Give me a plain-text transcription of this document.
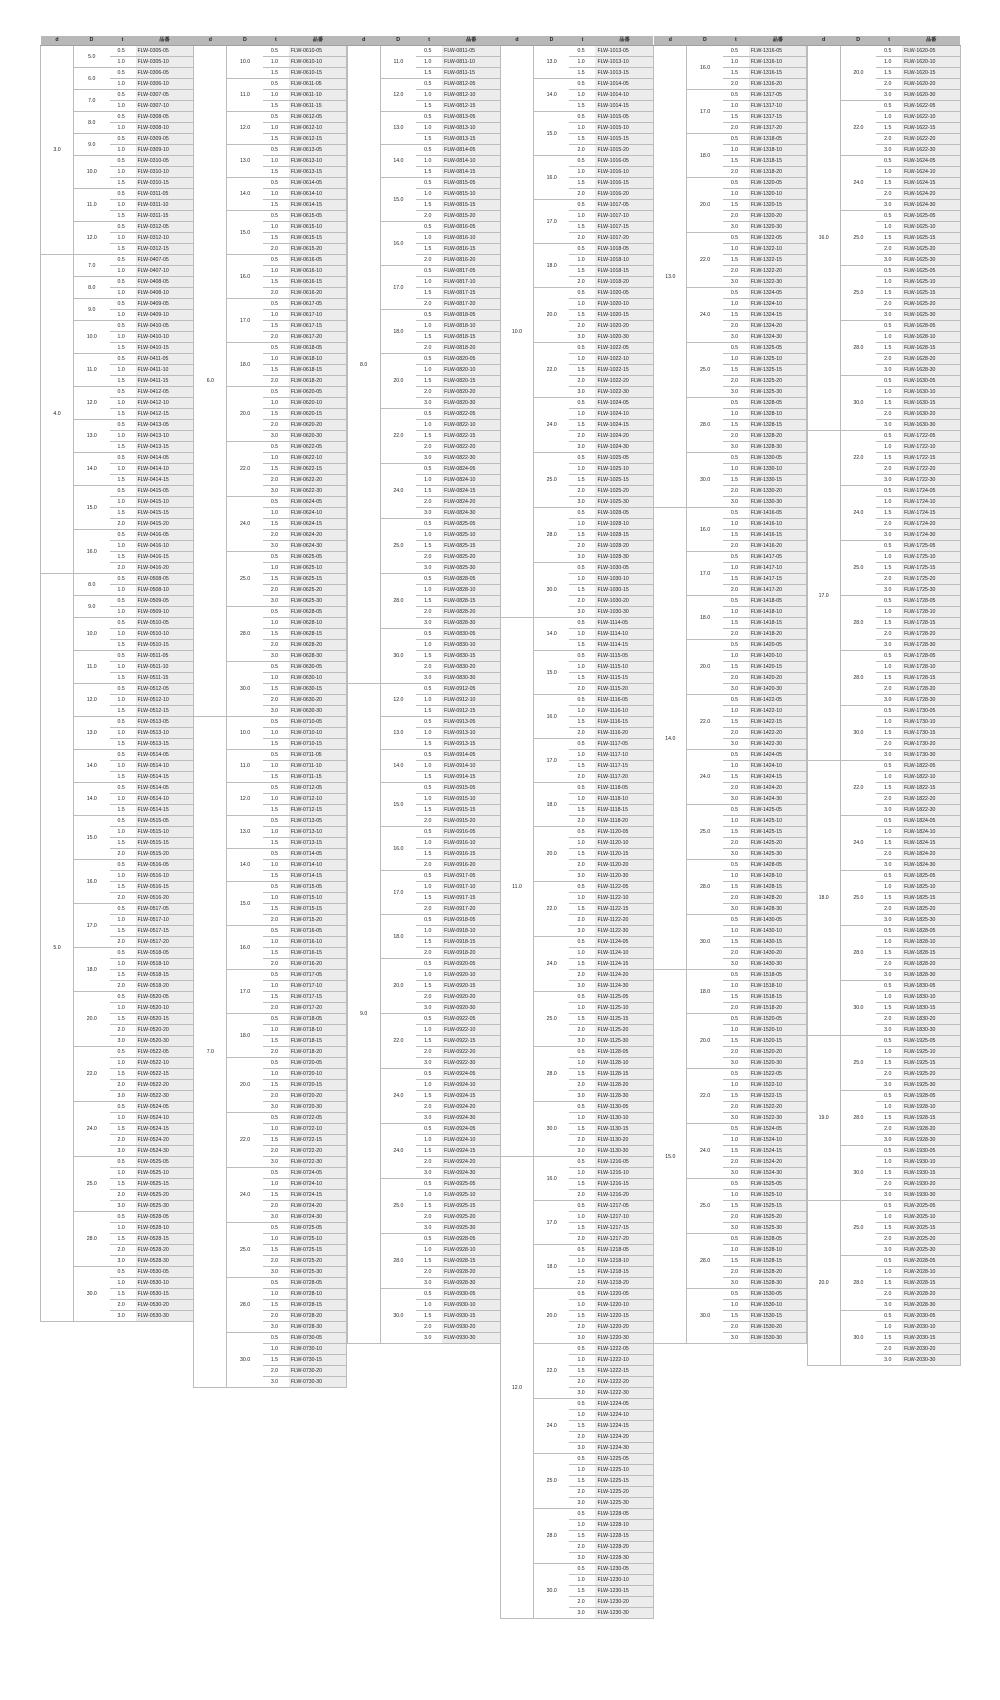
d	D	t	品番
3.0	5.0	0.5	FLW-0305-05
		1.0	FLW-0305-10
	6.0	0.5	FLW-0306-05
		1.0	FLW-0306-10
	7.0	0.5	FLW-0307-05
		1.0	FLW-0307-10
	8.0	0.5	FLW-0308-05
		1.0	FLW-0308-10
	9.0	0.5	FLW-0309-05
		1.0	FLW-0309-10
	10.0	0.5	FLW-0310-05
		1.0	FLW-0310-10
		1.5	FLW-0310-15
	11.0	0.5	FLW-0311-05
		1.0	FLW-0311-10
		1.5	FLW-0311-15
	12.0	0.5	FLW-0312-05
		1.0	FLW-0312-10
		1.5	FLW-0312-15
4.0	7.0	0.5	FLW-0407-05
		1.0	FLW-0407-10
	8.0	0.5	FLW-0408-05
		1.0	FLW-0408-10
	9.0	0.5	FLW-0409-05
		1.0	FLW-0409-10
	10.0	0.5	FLW-0410-05
		1.0	FLW-0410-10
		1.5	FLW-0410-15
	11.0	0.5	FLW-0411-05
		1.0	FLW-0411-10
		1.5	FLW-0411-15
	12.0	0.5	FLW-0412-05
		1.0	FLW-0412-10
		1.5	FLW-0412-15
	13.0	0.5	FLW-0413-05
		1.0	FLW-0413-10
		1.5	FLW-0413-15
	14.0	0.5	FLW-0414-05
		1.0	FLW-0414-10
		1.5	FLW-0414-15
	15.0	0.5	FLW-0415-05
		1.0	FLW-0415-10
		1.5	FLW-0415-15
		2.0	FLW-0415-20
	16.0	0.5	FLW-0416-05
		1.0	FLW-0416-10
		1.5	FLW-0416-15
		2.0	FLW-0416-20
5.0	8.0	0.5	FLW-0508-05
		1.0	FLW-0508-10
	9.0	0.5	FLW-0509-05
		1.0	FLW-0509-10
	10.0	0.5	FLW-0510-05
		1.0	FLW-0510-10
		1.5	FLW-0510-15
	11.0	0.5	FLW-0511-05
		1.0	FLW-0511-10
		1.5	FLW-0511-15
	12.0	0.5	FLW-0512-05
		1.0	FLW-0512-10
		1.5	FLW-0512-15
	13.0	0.5	FLW-0513-05
		1.0	FLW-0513-10
		1.5	FLW-0513-15
	14.0	0.5	FLW-0514-05
		1.0	FLW-0514-10
		1.5	FLW-0514-15
	14.0	0.5	FLW-0514-05
		1.0	FLW-0514-10
		1.5	FLW-0514-15
	15.0	0.5	FLW-0515-05
		1.0	FLW-0515-10
		1.5	FLW-0515-15
		2.0	FLW-0515-20
	16.0	0.5	FLW-0516-05
		1.0	FLW-0516-10
		1.5	FLW-0516-15
		2.0	FLW-0516-20
	17.0	0.5	FLW-0517-05
		1.0	FLW-0517-10
		1.5	FLW-0517-15
		2.0	FLW-0517-20
	18.0	0.5	FLW-0518-05
		1.0	FLW-0518-10
		1.5	FLW-0518-15
		2.0	FLW-0518-20
	20.0	0.5	FLW-0520-05
		1.0	FLW-0520-10
		1.5	FLW-0520-15
		2.0	FLW-0520-20
		3.0	FLW-0520-30
	22.0	0.5	FLW-0522-05
		1.0	FLW-0522-10
		1.5	FLW-0522-15
		2.0	FLW-0522-20
		3.0	FLW-0522-30
	24.0	0.5	FLW-0524-05
		1.0	FLW-0524-10
		1.5	FLW-0524-15
		2.0	FLW-0524-20
		3.0	FLW-0524-30
	25.0	0.5	FLW-0525-05
		1.0	FLW-0525-10
		1.5	FLW-0525-15
		2.0	FLW-0525-20
		3.0	FLW-0525-30
	28.0	0.5	FLW-0528-05
		1.0	FLW-0528-10
		1.5	FLW-0528-15
		2.0	FLW-0528-20
		3.0	FLW-0528-30
	30.0	0.5	FLW-0530-05
		1.0	FLW-0530-10
		1.5	FLW-0530-15
		2.0	FLW-0530-20
		3.0	FLW-0530-30
d	D	t	品番
6.0	10.0	0.5	FLW-0610-05
		1.0	FLW-0610-10
		1.5	FLW-0610-15
	11.0	0.5	FLW-0611-05
		1.0	FLW-0611-10
		1.5	FLW-0611-15
	12.0	0.5	FLW-0612-05
		1.0	FLW-0612-10
		1.5	FLW-0612-15
	13.0	0.5	FLW-0613-05
		1.0	FLW-0613-10
		1.5	FLW-0613-15
	14.0	0.5	FLW-0614-05
		1.0	FLW-0614-10
		1.5	FLW-0614-15
	15.0	0.5	FLW-0615-05
		1.0	FLW-0615-10
		1.5	FLW-0615-15
		2.0	FLW-0615-20
	16.0	0.5	FLW-0616-05
		1.0	FLW-0616-10
		1.5	FLW-0616-15
		2.0	FLW-0616-20
	17.0	0.5	FLW-0617-05
		1.0	FLW-0617-10
		1.5	FLW-0617-15
		2.0	FLW-0617-20
	18.0	0.5	FLW-0618-05
		1.0	FLW-0618-10
		1.5	FLW-0618-15
		2.0	FLW-0618-20
	20.0	0.5	FLW-0620-05
		1.0	FLW-0620-10
		1.5	FLW-0620-15
		2.0	FLW-0620-20
		3.0	FLW-0620-30
	22.0	0.5	FLW-0622-05
		1.0	FLW-0622-10
		1.5	FLW-0622-15
		2.0	FLW-0622-20
		3.0	FLW-0622-30
	24.0	0.5	FLW-0624-05
		1.0	FLW-0624-10
		1.5	FLW-0624-15
		2.0	FLW-0624-20
		3.0	FLW-0624-30
	25.0	0.5	FLW-0625-05
		1.0	FLW-0625-10
		1.5	FLW-0625-15
		2.0	FLW-0625-20
		3.0	FLW-0625-30
	28.0	0.5	FLW-0628-05
		1.0	FLW-0628-10
		1.5	FLW-0628-15
		2.0	FLW-0628-20
		3.0	FLW-0628-30
	30.0	0.5	FLW-0630-05
		1.0	FLW-0630-10
		1.5	FLW-0630-15
		2.0	FLW-0630-20
		3.0	FLW-0630-30
7.0	10.0	0.5	FLW-0710-05
		1.0	FLW-0710-10
		1.5	FLW-0710-15
	11.0	0.5	FLW-0711-05
		1.0	FLW-0711-10
		1.5	FLW-0711-15
	12.0	0.5	FLW-0712-05
		1.0	FLW-0712-10
		1.5	FLW-0712-15
	13.0	0.5	FLW-0713-05
		1.0	FLW-0713-10
		1.5	FLW-0713-15
	14.0	0.5	FLW-0714-05
		1.0	FLW-0714-10
		1.5	FLW-0714-15
	15.0	0.5	FLW-0715-05
		1.0	FLW-0715-10
		1.5	FLW-0715-15
		2.0	FLW-0715-20
	16.0	0.5	FLW-0716-05
		1.0	FLW-0716-10
		1.5	FLW-0716-15
		2.0	FLW-0716-20
	17.0	0.5	FLW-0717-05
		1.0	FLW-0717-10
		1.5	FLW-0717-15
		2.0	FLW-0717-20
	18.0	0.5	FLW-0718-05
		1.0	FLW-0718-10
		1.5	FLW-0718-15
		2.0	FLW-0718-20
	20.0	0.5	FLW-0720-05
		1.0	FLW-0720-10
		1.5	FLW-0720-15
		2.0	FLW-0720-20
		3.0	FLW-0720-30
	22.0	0.5	FLW-0722-05
		1.0	FLW-0722-10
		1.5	FLW-0722-15
		2.0	FLW-0722-20
		3.0	FLW-0722-30
	24.0	0.5	FLW-0724-05
		1.0	FLW-0724-10
		1.5	FLW-0724-15
		2.0	FLW-0724-20
		3.0	FLW-0724-30
	25.0	0.5	FLW-0725-05
		1.0	FLW-0725-10
		1.5	FLW-0725-15
		2.0	FLW-0725-20
		3.0	FLW-0725-30
	28.0	0.5	FLW-0728-05
		1.0	FLW-0728-10
		1.5	FLW-0728-15
		2.0	FLW-0728-20
		3.0	FLW-0728-30
	30.0	0.5	FLW-0730-05
		1.0	FLW-0730-10
		1.5	FLW-0730-15
		2.0	FLW-0730-20
		3.0	FLW-0730-30
d	D	t	品番
8.0	11.0	0.5	FLW-0811-05
		1.0	FLW-0811-10
		1.5	FLW-0811-15
	12.0	0.5	FLW-0812-05
		1.0	FLW-0812-10
		1.5	FLW-0812-15
	13.0	0.5	FLW-0813-05
		1.0	FLW-0813-10
		1.5	FLW-0813-15
	14.0	0.5	FLW-0814-05
		1.0	FLW-0814-10
		1.5	FLW-0814-15
	15.0	0.5	FLW-0815-05
		1.0	FLW-0815-10
		1.5	FLW-0815-15
		2.0	FLW-0815-20
	16.0	0.5	FLW-0816-05
		1.0	FLW-0816-10
		1.5	FLW-0816-15
		2.0	FLW-0816-20
	17.0	0.5	FLW-0817-05
		1.0	FLW-0817-10
		1.5	FLW-0817-15
		2.0	FLW-0817-20
	18.0	0.5	FLW-0818-05
		1.0	FLW-0818-10
		1.5	FLW-0818-15
		2.0	FLW-0818-20
	20.0	0.5	FLW-0820-05
		1.0	FLW-0820-10
		1.5	FLW-0820-15
		2.0	FLW-0820-20
		3.0	FLW-0820-30
	22.0	0.5	FLW-0822-05
		1.0	FLW-0822-10
		1.5	FLW-0822-15
		2.0	FLW-0822-20
		3.0	FLW-0822-30
	24.0	0.5	FLW-0824-05
		1.0	FLW-0824-10
		1.5	FLW-0824-15
		2.0	FLW-0824-20
		3.0	FLW-0824-30
	25.0	0.5	FLW-0825-05
		1.0	FLW-0825-10
		1.5	FLW-0825-15
		2.0	FLW-0825-20
		3.0	FLW-0825-30
	28.0	0.5	FLW-0828-05
		1.0	FLW-0828-10
		1.5	FLW-0828-15
		2.0	FLW-0828-20
		3.0	FLW-0828-30
	30.0	0.5	FLW-0830-05
		1.0	FLW-0830-10
		1.5	FLW-0830-15
		2.0	FLW-0830-20
		3.0	FLW-0830-30
9.0	12.0	0.5	FLW-0912-05
		1.0	FLW-0912-10
		1.5	FLW-0912-15
	13.0	0.5	FLW-0913-05
		1.0	FLW-0913-10
		1.5	FLW-0913-15
	14.0	0.5	FLW-0914-05
		1.0	FLW-0914-10
		1.5	FLW-0914-15
	15.0	0.5	FLW-0915-05
		1.0	FLW-0915-10
		1.5	FLW-0915-15
		2.0	FLW-0915-20
	16.0	0.5	FLW-0916-05
		1.0	FLW-0916-10
		1.5	FLW-0916-15
		2.0	FLW-0916-20
	17.0	0.5	FLW-0917-05
		1.0	FLW-0917-10
		1.5	FLW-0917-15
		2.0	FLW-0917-20
	18.0	0.5	FLW-0918-05
		1.0	FLW-0918-10
		1.5	FLW-0918-15
		2.0	FLW-0918-20
	20.0	0.5	FLW-0920-05
		1.0	FLW-0920-10
		1.5	FLW-0920-15
		2.0	FLW-0920-20
		3.0	FLW-0920-30
	22.0	0.5	FLW-0922-05
		1.0	FLW-0922-10
		1.5	FLW-0922-15
		2.0	FLW-0922-20
		3.0	FLW-0922-30
	24.0	0.5	FLW-0924-05
		1.0	FLW-0924-10
		1.5	FLW-0924-15
		2.0	FLW-0924-20
		3.0	FLW-0924-30
	24.0	0.5	FLW-0924-05
		1.0	FLW-0924-10
		1.5	FLW-0924-15
		2.0	FLW-0924-20
		3.0	FLW-0924-30
	25.0	0.5	FLW-0925-05
		1.0	FLW-0925-10
		1.5	FLW-0925-15
		2.0	FLW-0925-20
		3.0	FLW-0925-30
	28.0	0.5	FLW-0928-05
		1.0	FLW-0928-10
		1.5	FLW-0928-15
		2.0	FLW-0928-20
		3.0	FLW-0928-30
	30.0	0.5	FLW-0930-05
		1.0	FLW-0930-10
		1.5	FLW-0930-15
		2.0	FLW-0930-20
		3.0	FLW-0930-30
d	D	t	品番
10.0	13.0	0.5	FLW-1013-05
		1.0	FLW-1013-10
		1.5	FLW-1013-15
	14.0	0.5	FLW-1014-05
		1.0	FLW-1014-10
		1.5	FLW-1014-15
	15.0	0.5	FLW-1015-05
		1.0	FLW-1015-10
		1.5	FLW-1015-15
		2.0	FLW-1015-20
	16.0	0.5	FLW-1016-05
		1.0	FLW-1016-10
		1.5	FLW-1016-15
		2.0	FLW-1016-20
	17.0	0.5	FLW-1017-05
		1.0	FLW-1017-10
		1.5	FLW-1017-15
		2.0	FLW-1017-20
	18.0	0.5	FLW-1018-05
		1.0	FLW-1018-10
		1.5	FLW-1018-15
		2.0	FLW-1018-20
	20.0	0.5	FLW-1020-05
		1.0	FLW-1020-10
		1.5	FLW-1020-15
		2.0	FLW-1020-20
		3.0	FLW-1020-30
	22.0	0.5	FLW-1022-05
		1.0	FLW-1022-10
		1.5	FLW-1022-15
		2.0	FLW-1022-20
		3.0	FLW-1022-30
	24.0	0.5	FLW-1024-05
		1.0	FLW-1024-10
		1.5	FLW-1024-15
		2.0	FLW-1024-20
		3.0	FLW-1024-30
	25.0	0.5	FLW-1025-05
		1.0	FLW-1025-10
		1.5	FLW-1025-15
		2.0	FLW-1025-20
		3.0	FLW-1025-30
	28.0	0.5	FLW-1028-05
		1.0	FLW-1028-10
		1.5	FLW-1028-15
		2.0	FLW-1028-20
		3.0	FLW-1028-30
	30.0	0.5	FLW-1030-05
		1.0	FLW-1030-10
		1.5	FLW-1030-15
		2.0	FLW-1030-20
		3.0	FLW-1030-30
11.0	14.0	0.5	FLW-1114-05
		1.0	FLW-1114-10
		1.5	FLW-1114-15
	15.0	0.5	FLW-1115-05
		1.0	FLW-1115-10
		1.5	FLW-1115-15
		2.0	FLW-1115-20
	16.0	0.5	FLW-1116-05
		1.0	FLW-1116-10
		1.5	FLW-1116-15
		2.0	FLW-1116-20
	17.0	0.5	FLW-1117-05
		1.0	FLW-1117-10
		1.5	FLW-1117-15
		2.0	FLW-1117-20
	18.0	0.5	FLW-1118-05
		1.0	FLW-1118-10
		1.5	FLW-1118-15
		2.0	FLW-1118-20
	20.0	0.5	FLW-1120-05
		1.0	FLW-1120-10
		1.5	FLW-1120-15
		2.0	FLW-1120-20
		3.0	FLW-1120-30
	22.0	0.5	FLW-1122-05
		1.0	FLW-1122-10
		1.5	FLW-1122-15
		2.0	FLW-1122-20
		3.0	FLW-1122-30
	24.0	0.5	FLW-1124-05
		1.0	FLW-1124-10
		1.5	FLW-1124-15
		2.0	FLW-1124-20
		3.0	FLW-1124-30
	25.0	0.5	FLW-1125-05
		1.0	FLW-1125-10
		1.5	FLW-1125-15
		2.0	FLW-1125-20
		3.0	FLW-1125-30
	28.0	0.5	FLW-1128-05
		1.0	FLW-1128-10
		1.5	FLW-1128-15
		2.0	FLW-1128-20
		3.0	FLW-1128-30
	30.0	0.5	FLW-1130-05
		1.0	FLW-1130-10
		1.5	FLW-1130-15
		2.0	FLW-1130-20
		3.0	FLW-1130-30
12.0	16.0	0.5	FLW-1216-05
		1.0	FLW-1216-10
		1.5	FLW-1216-15
		2.0	FLW-1216-20
	17.0	0.5	FLW-1217-05
		1.0	FLW-1217-10
		1.5	FLW-1217-15
		2.0	FLW-1217-20
	18.0	0.5	FLW-1218-05
		1.0	FLW-1218-10
		1.5	FLW-1218-15
		2.0	FLW-1218-20
	20.0	0.5	FLW-1220-05
		1.0	FLW-1220-10
		1.5	FLW-1220-15
		2.0	FLW-1220-20
		3.0	FLW-1220-30
	22.0	0.5	FLW-1222-05
		1.0	FLW-1222-10
		1.5	FLW-1222-15
		2.0	FLW-1222-20
		3.0	FLW-1222-30
	24.0	0.5	FLW-1224-05
		1.0	FLW-1224-10
		1.5	FLW-1224-15
		2.0	FLW-1224-20
		3.0	FLW-1224-30
	25.0	0.5	FLW-1225-05
		1.0	FLW-1225-10
		1.5	FLW-1225-15
		2.0	FLW-1225-20
		3.0	FLW-1225-30
	28.0	0.5	FLW-1228-05
		1.0	FLW-1228-10
		1.5	FLW-1228-15
		2.0	FLW-1228-20
		3.0	FLW-1228-30
	30.0	0.5	FLW-1230-05
		1.0	FLW-1230-10
		1.5	FLW-1230-15
		2.0	FLW-1230-20
		3.0	FLW-1230-30
d	D	t	品番
13.0	16.0	0.5	FLW-1316-05
		1.0	FLW-1316-10
		1.5	FLW-1316-15
		2.0	FLW-1316-20
	17.0	0.5	FLW-1317-05
		1.0	FLW-1317-10
		1.5	FLW-1317-15
		2.0	FLW-1317-20
	18.0	0.5	FLW-1318-05
		1.0	FLW-1318-10
		1.5	FLW-1318-15
		2.0	FLW-1318-20
	20.0	0.5	FLW-1320-05
		1.0	FLW-1320-10
		1.5	FLW-1320-15
		2.0	FLW-1320-20
		3.0	FLW-1320-30
	22.0	0.5	FLW-1322-05
		1.0	FLW-1322-10
		1.5	FLW-1322-15
		2.0	FLW-1322-20
		3.0	FLW-1322-30
	24.0	0.5	FLW-1324-05
		1.0	FLW-1324-10
		1.5	FLW-1324-15
		2.0	FLW-1324-20
		3.0	FLW-1324-30
	25.0	0.5	FLW-1325-05
		1.0	FLW-1325-10
		1.5	FLW-1325-15
		2.0	FLW-1325-20
		3.0	FLW-1325-30
	28.0	0.5	FLW-1328-05
		1.0	FLW-1328-10
		1.5	FLW-1328-15
		2.0	FLW-1328-20
		3.0	FLW-1328-30
	30.0	0.5	FLW-1330-05
		1.0	FLW-1330-10
		1.5	FLW-1330-15
		2.0	FLW-1330-20
		3.0	FLW-1330-30
14.0	16.0	0.5	FLW-1416-05
		1.0	FLW-1416-10
		1.5	FLW-1416-15
		2.0	FLW-1416-20
	17.0	0.5	FLW-1417-05
		1.0	FLW-1417-10
		1.5	FLW-1417-15
		2.0	FLW-1417-20
	18.0	0.5	FLW-1418-05
		1.0	FLW-1418-10
		1.5	FLW-1418-15
		2.0	FLW-1418-20
	20.0	0.5	FLW-1420-05
		1.0	FLW-1420-10
		1.5	FLW-1420-15
		2.0	FLW-1420-20
		3.0	FLW-1420-30
	22.0	0.5	FLW-1422-05
		1.0	FLW-1422-10
		1.5	FLW-1422-15
		2.0	FLW-1422-20
		3.0	FLW-1422-30
	24.0	0.5	FLW-1424-05
		1.0	FLW-1424-10
		1.5	FLW-1424-15
		2.0	FLW-1424-20
		3.0	FLW-1424-30
	25.0	0.5	FLW-1425-05
		1.0	FLW-1425-10
		1.5	FLW-1425-15
		2.0	FLW-1425-20
		3.0	FLW-1425-30
	28.0	0.5	FLW-1428-05
		1.0	FLW-1428-10
		1.5	FLW-1428-15
		2.0	FLW-1428-20
		3.0	FLW-1428-30
	30.0	0.5	FLW-1430-05
		1.0	FLW-1430-10
		1.5	FLW-1430-15
		2.0	FLW-1430-20
		3.0	FLW-1430-30
15.0	18.0	0.5	FLW-1518-05
		1.0	FLW-1518-10
		1.5	FLW-1518-15
		2.0	FLW-1518-20
	20.0	0.5	FLW-1520-05
		1.0	FLW-1520-10
		1.5	FLW-1520-15
		2.0	FLW-1520-20
		3.0	FLW-1520-30
	22.0	0.5	FLW-1522-05
		1.0	FLW-1522-10
		1.5	FLW-1522-15
		2.0	FLW-1522-20
		3.0	FLW-1522-30
	24.0	0.5	FLW-1524-05
		1.0	FLW-1524-10
		1.5	FLW-1524-15
		2.0	FLW-1524-20
		3.0	FLW-1524-30
	25.0	0.5	FLW-1525-05
		1.0	FLW-1525-10
		1.5	FLW-1525-15
		2.0	FLW-1525-20
		3.0	FLW-1525-30
	28.0	0.5	FLW-1528-05
		1.0	FLW-1528-10
		1.5	FLW-1528-15
		2.0	FLW-1528-20
		3.0	FLW-1528-30
	30.0	0.5	FLW-1530-05
		1.0	FLW-1530-10
		1.5	FLW-1530-15
		2.0	FLW-1530-20
		3.0	FLW-1530-30
d	D	t	品番
16.0	20.0	0.5	FLW-1620-05
		1.0	FLW-1620-10
		1.5	FLW-1620-15
		2.0	FLW-1620-20
		3.0	FLW-1620-30
	22.0	0.5	FLW-1622-05
		1.0	FLW-1622-10
		1.5	FLW-1622-15
		2.0	FLW-1622-20
		3.0	FLW-1622-30
	24.0	0.5	FLW-1624-05
		1.0	FLW-1624-10
		1.5	FLW-1624-15
		2.0	FLW-1624-20
		3.0	FLW-1624-30
	25.0	0.5	FLW-1625-05
		1.0	FLW-1625-10
		1.5	FLW-1625-15
		2.0	FLW-1625-20
		3.0	FLW-1625-30
	25.0	0.5	FLW-1625-05
		1.0	FLW-1625-10
		1.5	FLW-1625-15
		2.0	FLW-1625-20
		3.0	FLW-1625-30
	28.0	0.5	FLW-1628-05
		1.0	FLW-1628-10
		1.5	FLW-1628-15
		2.0	FLW-1628-20
		3.0	FLW-1628-30
	30.0	0.5	FLW-1630-05
		1.0	FLW-1630-10
		1.5	FLW-1630-15
		2.0	FLW-1630-20
		3.0	FLW-1630-30
17.0	22.0	0.5	FLW-1722-05
		1.0	FLW-1722-10
		1.5	FLW-1722-15
		2.0	FLW-1722-20
		3.0	FLW-1722-30
	24.0	0.5	FLW-1724-05
		1.0	FLW-1724-10
		1.5	FLW-1724-15
		2.0	FLW-1724-20
		3.0	FLW-1724-30
	25.0	0.5	FLW-1725-05
		1.0	FLW-1725-10
		1.5	FLW-1725-15
		2.0	FLW-1725-20
		3.0	FLW-1725-30
	28.0	0.5	FLW-1728-05
		1.0	FLW-1728-10
		1.5	FLW-1728-15
		2.0	FLW-1728-20
		3.0	FLW-1728-30
	28.0	0.5	FLW-1728-05
		1.0	FLW-1728-10
		1.5	FLW-1728-15
		2.0	FLW-1728-20
		3.0	FLW-1728-30
	30.0	0.5	FLW-1730-05
		1.0	FLW-1730-10
		1.5	FLW-1730-15
		2.0	FLW-1730-20
		3.0	FLW-1730-30
18.0	22.0	0.5	FLW-1822-05
		1.0	FLW-1822-10
		1.5	FLW-1822-15
		2.0	FLW-1822-20
		3.0	FLW-1822-30
	24.0	0.5	FLW-1824-05
		1.0	FLW-1824-10
		1.5	FLW-1824-15
		2.0	FLW-1824-20
		3.0	FLW-1824-30
	25.0	0.5	FLW-1825-05
		1.0	FLW-1825-10
		1.5	FLW-1825-15
		2.0	FLW-1825-20
		3.0	FLW-1825-30
	28.0	0.5	FLW-1828-05
		1.0	FLW-1828-10
		1.5	FLW-1828-15
		2.0	FLW-1828-20
		3.0	FLW-1828-30
	30.0	0.5	FLW-1830-05
		1.0	FLW-1830-10
		1.5	FLW-1830-15
		2.0	FLW-1830-20
		3.0	FLW-1830-30
19.0	25.0	0.5	FLW-1925-05
		1.0	FLW-1925-10
		1.5	FLW-1925-15
		2.0	FLW-1925-20
		3.0	FLW-1925-30
	28.0	0.5	FLW-1928-05
		1.0	FLW-1928-10
		1.5	FLW-1928-15
		2.0	FLW-1928-20
		3.0	FLW-1928-30
	30.0	0.5	FLW-1930-05
		1.0	FLW-1930-10
		1.5	FLW-1930-15
		2.0	FLW-1930-20
		3.0	FLW-1930-30
20.0	25.0	0.5	FLW-2025-05
		1.0	FLW-2025-10
		1.5	FLW-2025-15
		2.0	FLW-2025-20
		3.0	FLW-2025-30
	28.0	0.5	FLW-2028-05
		1.0	FLW-2028-10
		1.5	FLW-2028-15
		2.0	FLW-2028-20
		3.0	FLW-2028-30
	30.0	0.5	FLW-2030-05
		1.0	FLW-2030-10
		1.5	FLW-2030-15
		2.0	FLW-2030-20
		3.0	FLW-2030-30
